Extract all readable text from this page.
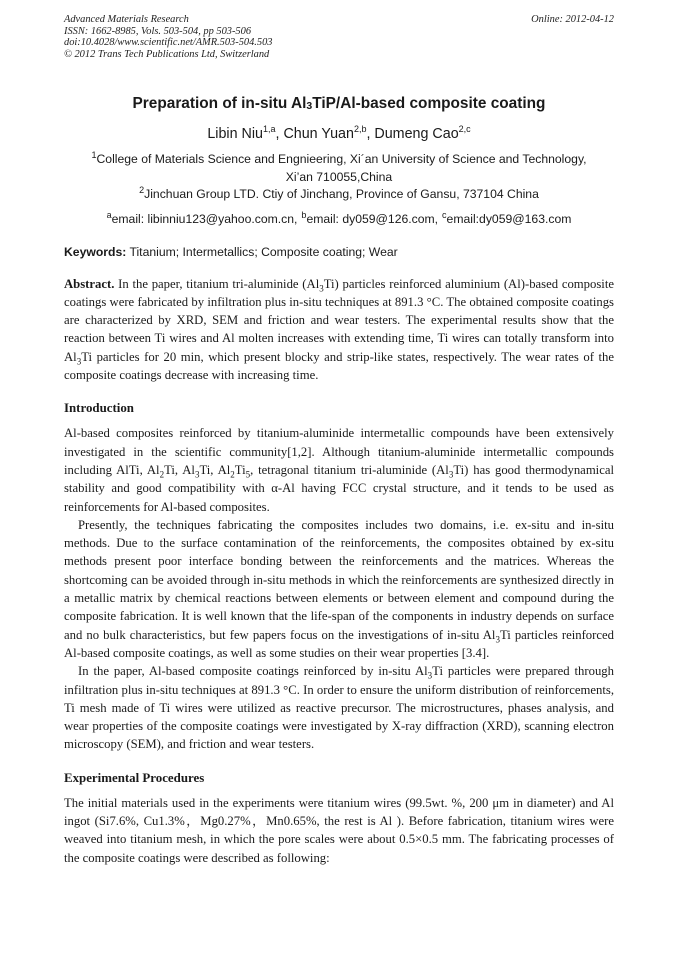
Advanced Materials Research
ISSN: 1662-8985, Vols. 503-504, pp 503-506
doi:10.4028/www.scientific.net/AMR.503-504.503
© 2012 Trans Tech Publications Ltd, Switzerland
Online: 2012-04-12
Preparation of in-situ $Al_3TiP/Al$-based composite coating
Libin Niu$^{1,a}$, Chun Yuan$^{2,b}$, Dumeng Cao$^{2,c}$
$^1$College of Materials Science and Engnieering, Xi´an University of Science and Technology,
Xi’an 710055,China
$^2$Jinchuan Group LTD. Ctiy of Jinchang, Province of Gansu, 737104 China
$^a$email: libinniu123@yahoo.com.cn, $^b$email: dy059@126.com, $^c$email:dy059@163.com
Keywords: Titanium; Intermetallics; Composite coating; Wear

Abstract. In the paper, titanium tri-aluminide $(Al_3Ti)$ particles reinforced aluminium (Al)-based composite coatings were fabricated by infiltration plus in-situ techniques at 891.3 °C. The obtained composite coatings are characterized by XRD, SEM and friction and wear testers. The experimental results show that the reaction between Ti wires and Al molten increases with extending time, Ti wires can totally transform into $Al_3Ti$ particles for 20 min, which present blocky and strip-like states, respectively. The wear rates of the composite coatings decrease with increasing time.

Introduction

Al-based composites reinforced by titanium-aluminide intermetallic compounds have been extensively investigated in the scientific community[1,2]. Although titanium-aluminide intermetallic compounds including AlTi, $Al_2Ti$, $Al_3Ti$, $Al_2Ti_5$, tetragonal titanium tri-aluminide $(Al_3Ti)$ has good thermodynamical stability and good compatibility with α-Al having FCC crystal structure, and it tends to be used as reinforcements for Al-based composites.

Presently, the techniques fabricating the composites includes two domains, i.e. ex-situ and in-situ methods. Due to the surface contamination of the reinforcements, the composites obtained by ex-situ methods present poor interface bonding between the reinforcements and the matrices. Whereas the shortcoming can be avoided through in-situ methods in which the reinforcements are synthesized directly in a metallic matrix by chemical reactions between elements or between element and compound during the composite fabrication. It is well known that the life-span of the components in industry depends on surface and no bulk characteristics, but few papers focus on the investigations of in-situ $Al_3Ti$ particles reinforced Al-based composite coatings, as well as some studies on their wear properties [3.4].

In the paper, Al-based composite coatings reinforced by in-situ $Al_3Ti$ particles were prepared through infiltration plus in-situ techniques at 891.3 °C. In order to ensure the uniform distribution of reinforcements, Ti mesh made of Ti wires were utilized as reactive precursor. The microstructures, phases analysis, and wear properties of the composite coatings were investigated by X-ray diffraction (XRD), scanning electron microscopy (SEM), and friction and wear testers.

Experimental Procedures

The initial materials used in the experiments were titanium wires (99.5wt. %, 200 μm in diameter) and Al ingot (Si7.6%, Cu1.3%，Mg0.27%，Mn0.65%, the rest is Al ). Before fabrication, titanium wires were weaved into titanium mesh, in which the pore scales were about 0.5×0.5 mm. The fabricating processes of the composite coatings were described as following:
